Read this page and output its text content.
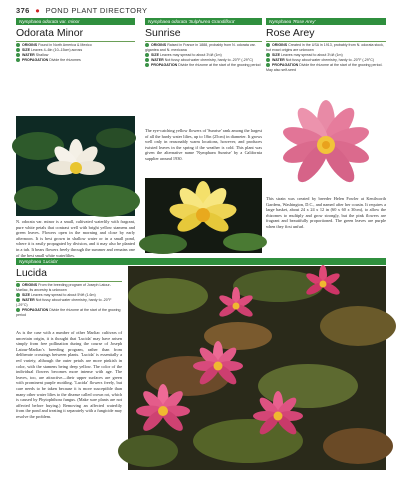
376 ● POND PLANT DIRECTORY
Nymphaea odorata var. minor
Odorata Minor
ORIGINS Found in North America & Mexico
SIZE Leaves 4–6in (10–15cm) across
WATER Shallow
PROPAGATION Divide the rhizomes
N. odorata var. minor is a small, cultivated waterlily with fragrant, pure white petals that contrast well with bright yellow stamens and green leaves. Flowers open in the morning and close by early afternoon. It is best grown in shallow water or in a small pond, where it is easily propagated by division, and it may also be planted in a tub. It bears flowers freely through the summer and remains one of the best small white waterlilies.
Nymphaea odorata 'Sulphurea Grandiflora'
Sunrise
ORIGINS Raised in France in 1888, probably from N. odorata var. gigantea and N. mexicana
SIZE Leaves may spread to about 3¼ft (1m)
WATER Not fussy about water chemistry, hardy to -20°F (-29°C)
PROPAGATION Divide the rhizome at the start of the growing period
The eye-catching yellow flowers of 'Sunrise' rank among the largest of all the hardy water lilies, up to 10in (25cm) in diameter. It grows well only in reasonably warm locations, however, and produces twisted leaves in the spring if the weather is cold. This plant was given the alternative name 'Nymphaea Sunrise' by a California supplier around 1930.
Nymphaea 'Rose Arey'
Rose Arey
ORIGINS Created in the USA in 1913, probably from N. odorata stock, but exact origins are unknown
SIZE Leaves may spread to about 3¼ft (1m)
WATER Not fussy about water chemistry, hardy to -20°F (-29°C)
PROPAGATION Divide the rhizome at the start of the growing period. May also self-seed
This strain was created by breeder Helen Fowler at Kenilworth Gardens, Washington, D.C., and named after her cousin. It requires a large basket, about 24 x 24 x 12 in (60 x 60 x 30cm), to allow the rhizomes to multiply and grow strongly, but the pink flowers are fragrant and beautifully proportioned. The green leaves are purple when they first unfurl.
Nymphaea 'Lucida'
Lucida
ORIGINS From the breeding program of Joseph Latour-Marliac, its ancestry is unknown
SIZE Leaves may spread to about 5½ft (1.6m)
WATER Not fussy about water chemistry, hardy to -20°F (-29°C)
PROPAGATION Divide the rhizome at the start of the growing period
As is the case with a number of other Marliac cultivars of uncertain origin, it is thought that 'Lucida' may have arisen simply from free pollination during the course of Joseph Latour-Marliac's breeding program, rather than from deliberate crossings between plants. 'Lucida' is essentially a red variety, although the outer petals are more pinkish in color, with the stamens being deep yellow. The color of the individual flowers becomes more intense with age. The leaves, too, are attractive—their upper surfaces are green with prominent purple mottling. 'Lucida' flowers freely, but care needs to be taken because it is more susceptible than many other water lilies to the disease called crown rot, which is caused by Phytophthora fungus. (Make sure plants are not affected before buying.) Removing an affected waterlily from the pond and treating it separately with a fungicide may resolve the problem.
